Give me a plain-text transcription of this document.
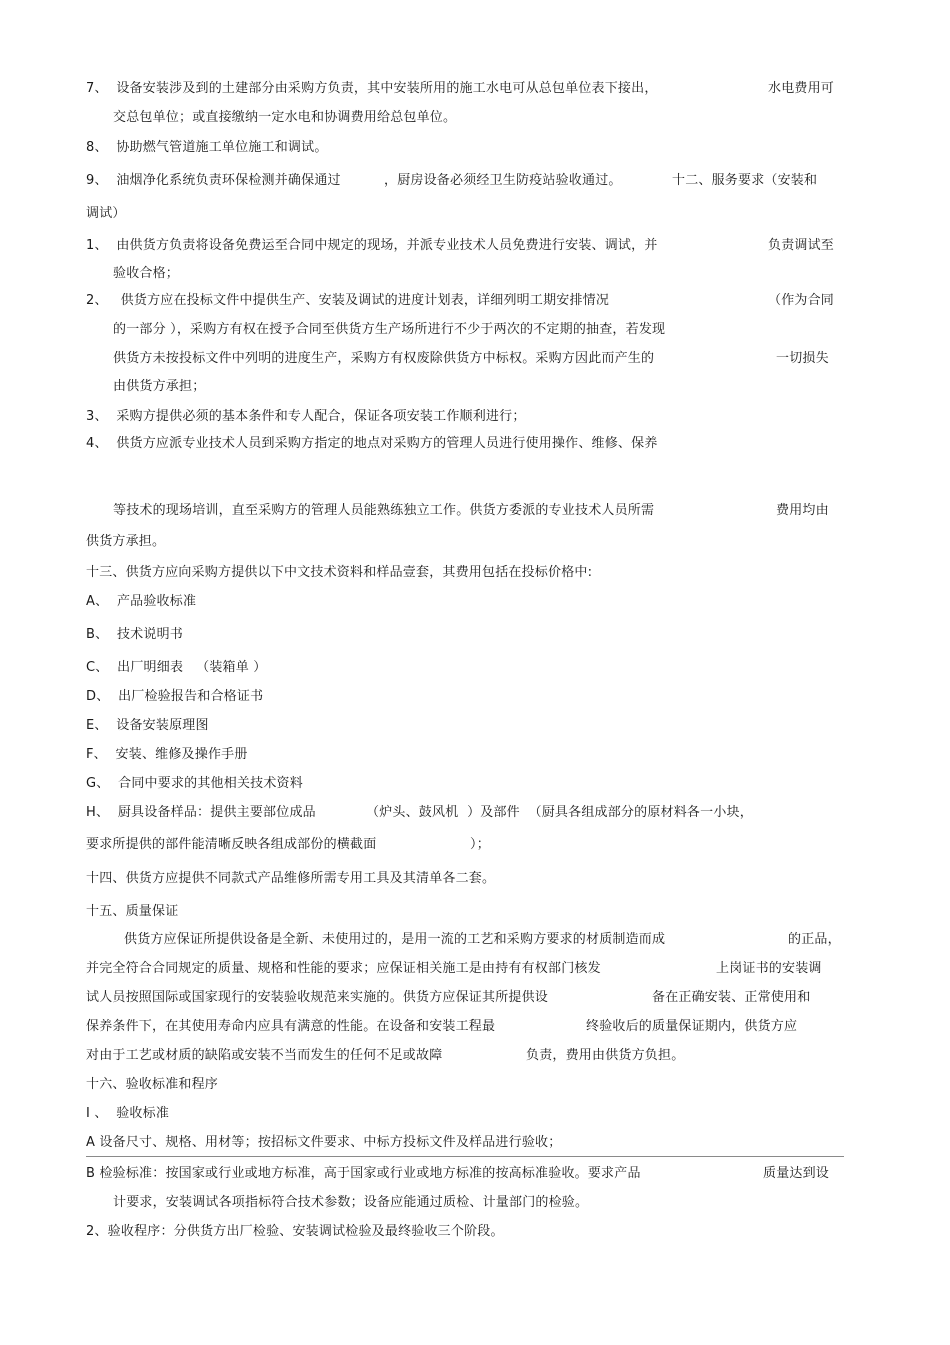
7、  设备安装涉及到的土建部分由采购方负责，其中安装所用的施工水电可从总包单位表下接出，	水电费用可
交总包单位；或直接缴纳一定水电和协调费用给总包单位。
8、  协助燃气管道施工单位施工和调试。
9、  油烟净化系统负责环保检测并确保通过	，厨房设备必须经卫生防疫站验收通过。	十二、服务要求（安装和
调试）
1、  由供货方负责将设备免费运至合同中规定的现场，并派专业技术人员免费进行安装、调试，并	负责调试至
验收合格；
2、   供货方应在投标文件中提供生产、安装及调试的进度计划表，详细列明工期安排情况	（作为合同
的一部分 ），采购方有权在授予合同至供货方生产场所进行不少于两次的不定期的抽查，若发现
供货方未按投标文件中列明的进度生产，采购方有权废除供货方中标权。采购方因此而产生的	一切损失
由供货方承担；
3、  采购方提供必须的基本条件和专人配合，保证各项安装工作顺利进行；
4、  供货方应派专业技术人员到采购方指定的地点对采购方的管理人员进行使用操作、维修、保养
等技术的现场培训，直至采购方的管理人员能熟练独立工作。供货方委派的专业技术人员所需	费用均由
供货方承担。
十三、供货方应向采购方提供以下中文技术资料和样品壹套，其费用包括在投标价格中:
A、  产品验收标准
B、  技术说明书
C、  出厂明细表   （装箱单 ）
D、  出厂检验报告和合格证书
E、  设备安装原理图
F、  安装、维修及操作手册
G、  合同中要求的其他相关技术资料
H、  厨具设备样品：提供主要部位成品	（炉头、鼓风机  ）及部件  （厨具各组成部分的原材料各一小块，
要求所提供的部件能清晰反映各组成部份的横截面	）；
十四、供货方应提供不同款式产品维修所需专用工具及其清单各二套。
十五、质量保证
供货方应保证所提供设备是全新、未使用过的，是用一流的工艺和采购方要求的材质制造而成	的正品，
并完全符合合同规定的质量、规格和性能的要求；应保证相关施工是由持有有权部门核发	上岗证书的安装调
试人员按照国际或国家现行的安装验收规范来实施的。供货方应保证其所提供设	备在正确安装、正常使用和
保养条件下，在其使用寿命内应具有满意的性能。在设备和安装工程最	终验收后的质量保证期内，供货方应
对由于工艺或材质的缺陷或安装不当而发生的任何不足或故障	负责，费用由供货方负担。
十六、验收标准和程序
I 、  验收标准
A 设备尺寸、规格、用材等；按招标文件要求、中标方投标文件及样品进行验收；
B 检验标准：按国家或行业或地方标准，高于国家或行业或地方标准的按高标准验收。要求产品	质量达到设
计要求，安装调试各项指标符合技术参数；设备应能通过质检、计量部门的检验。
2、验收程序：分供货方出厂检验、安装调试检验及最终验收三个阶段。
